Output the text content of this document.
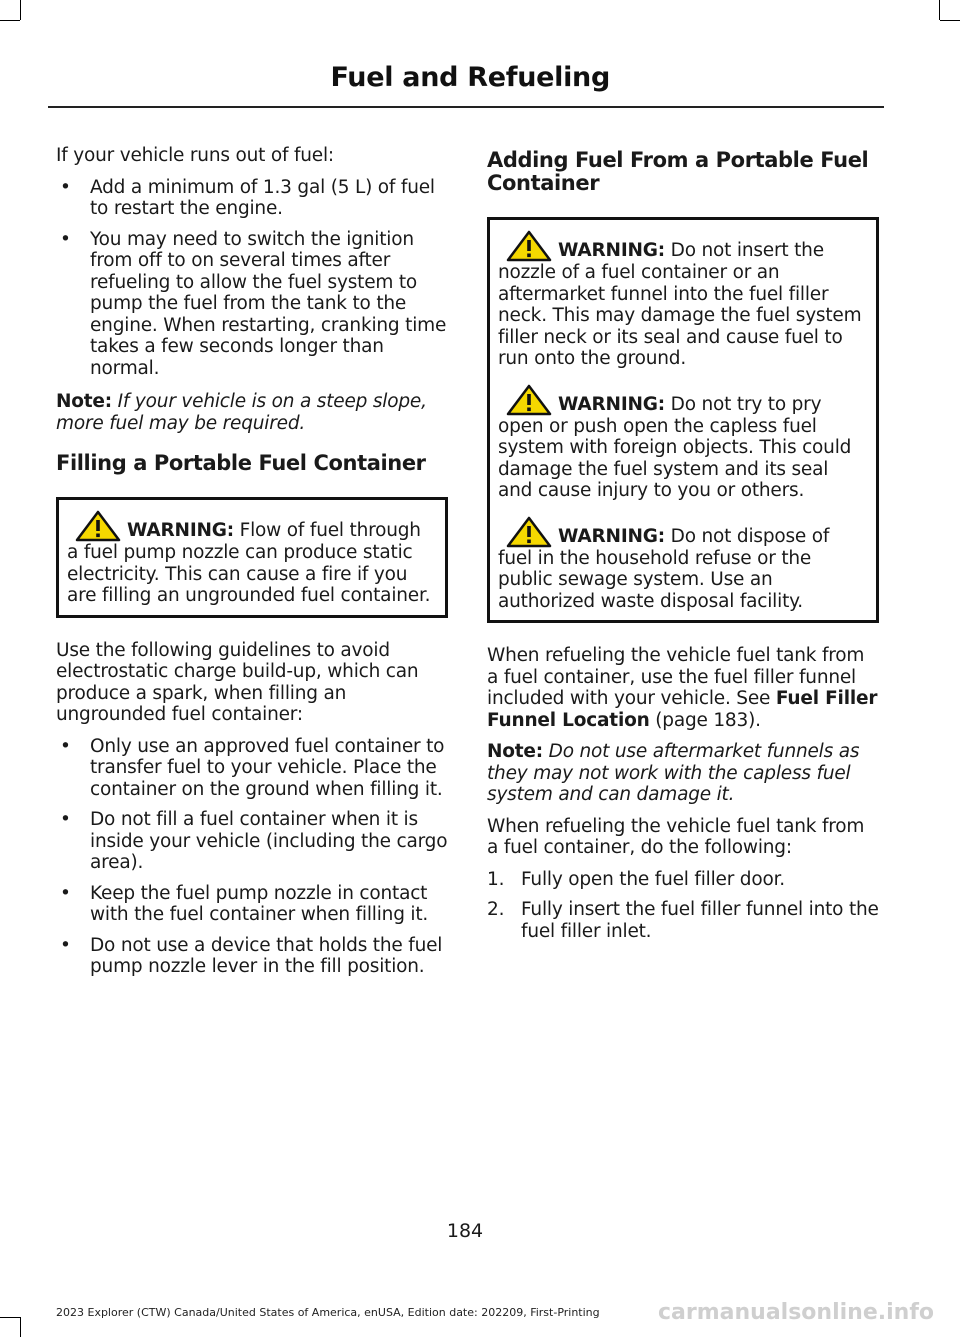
Fuel and Refueling

If your vehicle runs out of fuel:

• Add a minimum of 1.3 gal (5 L) of fuel to restart the engine.
• You may need to switch the ignition from off to on several times after refueling to allow the fuel system to pump the fuel from the tank to the engine. When restarting, cranking time takes a few seconds longer than normal.

Note: If your vehicle is on a steep slope, more fuel may be required.

Filling a Portable Fuel Container

WARNING: Flow of fuel through a fuel pump nozzle can produce static electricity. This can cause a fire if you are filling an ungrounded fuel container.

Use the following guidelines to avoid electrostatic charge build-up, which can produce a spark, when filling an ungrounded fuel container:

• Only use an approved fuel container to transfer fuel to your vehicle. Place the container on the ground when filling it.
• Do not fill a fuel container when it is inside your vehicle (including the cargo area).
• Keep the fuel pump nozzle in contact with the fuel container when filling it.
• Do not use a device that holds the fuel pump nozzle lever in the fill position.
Adding Fuel From a Portable Fuel Container

WARNING: Do not insert the nozzle of a fuel container or an aftermarket funnel into the fuel filler neck. This may damage the fuel system filler neck or its seal and cause fuel to run onto the ground.

WARNING: Do not try to pry open or push open the capless fuel system with foreign objects. This could damage the fuel system and its seal and cause injury to you or others.

WARNING: Do not dispose of fuel in the household refuse or the public sewage system. Use an authorized waste disposal facility.

When refueling the vehicle fuel tank from a fuel container, use the fuel filler funnel included with your vehicle. See Fuel Filler Funnel Location (page 183).

Note: Do not use aftermarket funnels as they may not work with the capless fuel system and can damage it.

When refueling the vehicle fuel tank from a fuel container, do the following:

1. Fully open the fuel filler door.
2. Fully insert the fuel filler funnel into the fuel filler inlet.
184
2023 Explorer (CTW) Canada/United States of America, enUSA, Edition date: 202209, First-Printing	carmanualsonline.info
